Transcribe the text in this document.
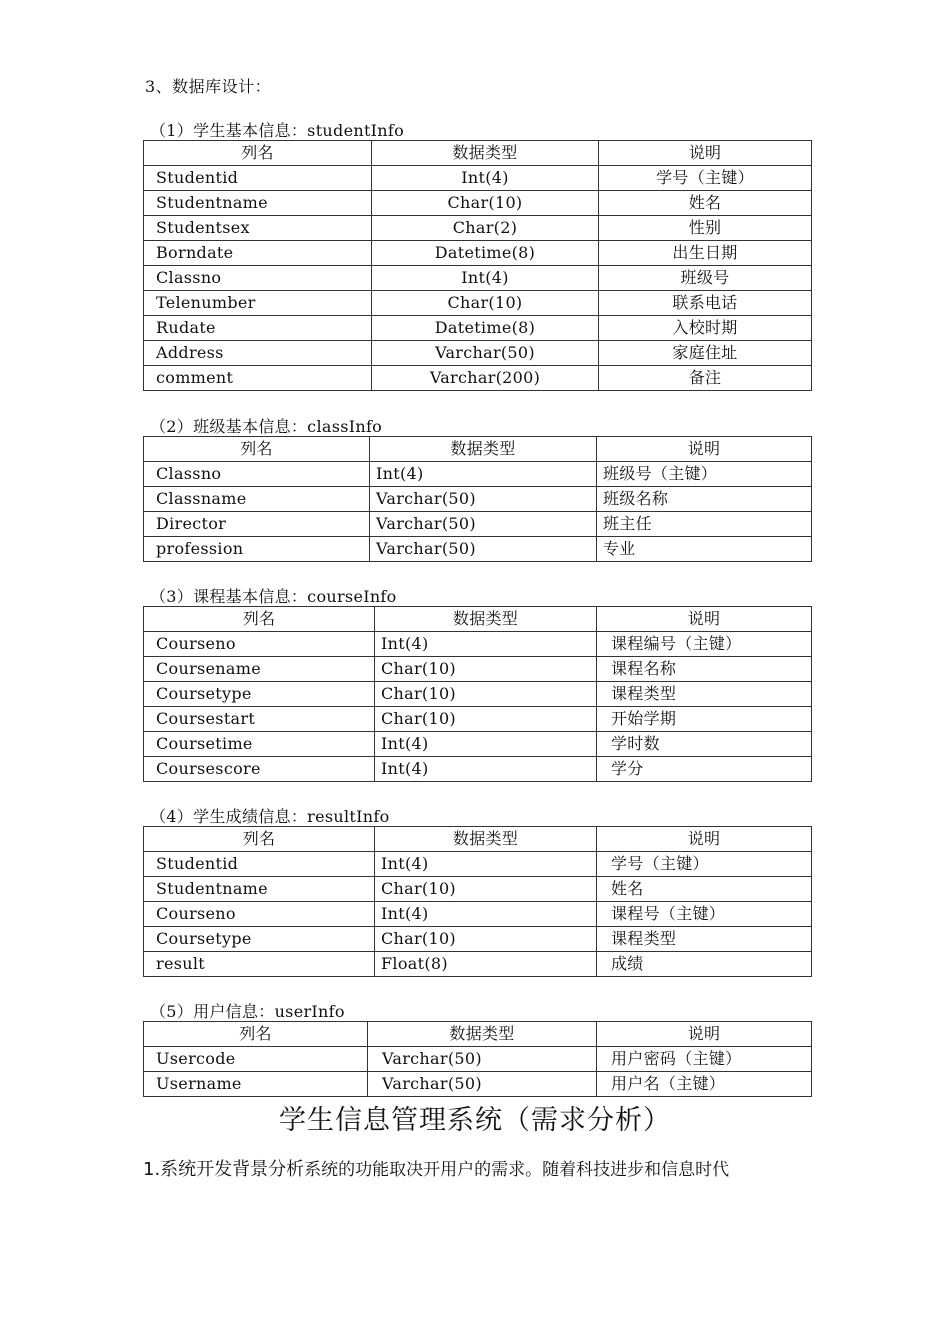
3、数据库设计：
（1）学生基本信息：studentInfo
列名	数据类型	说明
Studentid	Int(4)	学号（主键）
Studentname	Char(10)	姓名
Studentsex	Char(2)	性别
Borndate	Datetime(8)	出生日期
Classno	Int(4)	班级号
Telenumber	Char(10)	联系电话
Rudate	Datetime(8)	入校时期
Address	Varchar(50)	家庭住址
comment	Varchar(200)	备注
（2）班级基本信息：classInfo
列名	数据类型	说明
Classno	Int(4)	班级号（主键）
Classname	Varchar(50)	班级名称
Director	Varchar(50)	班主任
profession	Varchar(50)	专业
（3）课程基本信息：courseInfo
列名	数据类型	说明
Courseno	Int(4)	课程编号（主键）
Coursename	Char(10)	课程名称
Coursetype	Char(10)	课程类型
Coursestart	Char(10)	开始学期
Coursetime	Int(4)	学时数
Coursescore	Int(4)	学分
（4）学生成绩信息：resultInfo
列名	数据类型	说明
Studentid	Int(4)	学号（主键）
Studentname	Char(10)	姓名
Courseno	Int(4)	课程号（主键）
Coursetype	Char(10)	课程类型
result	Float(8)	成绩
（5）用户信息：userInfo
列名	数据类型	说明
Usercode	Varchar(50)	用户密码（主键）
Username	Varchar(50)	用户名（主键）
学生信息管理系统（需求分析）
1.系统开发背景分析系统的功能取决开用户的需求。随着科技进步和信息时代
